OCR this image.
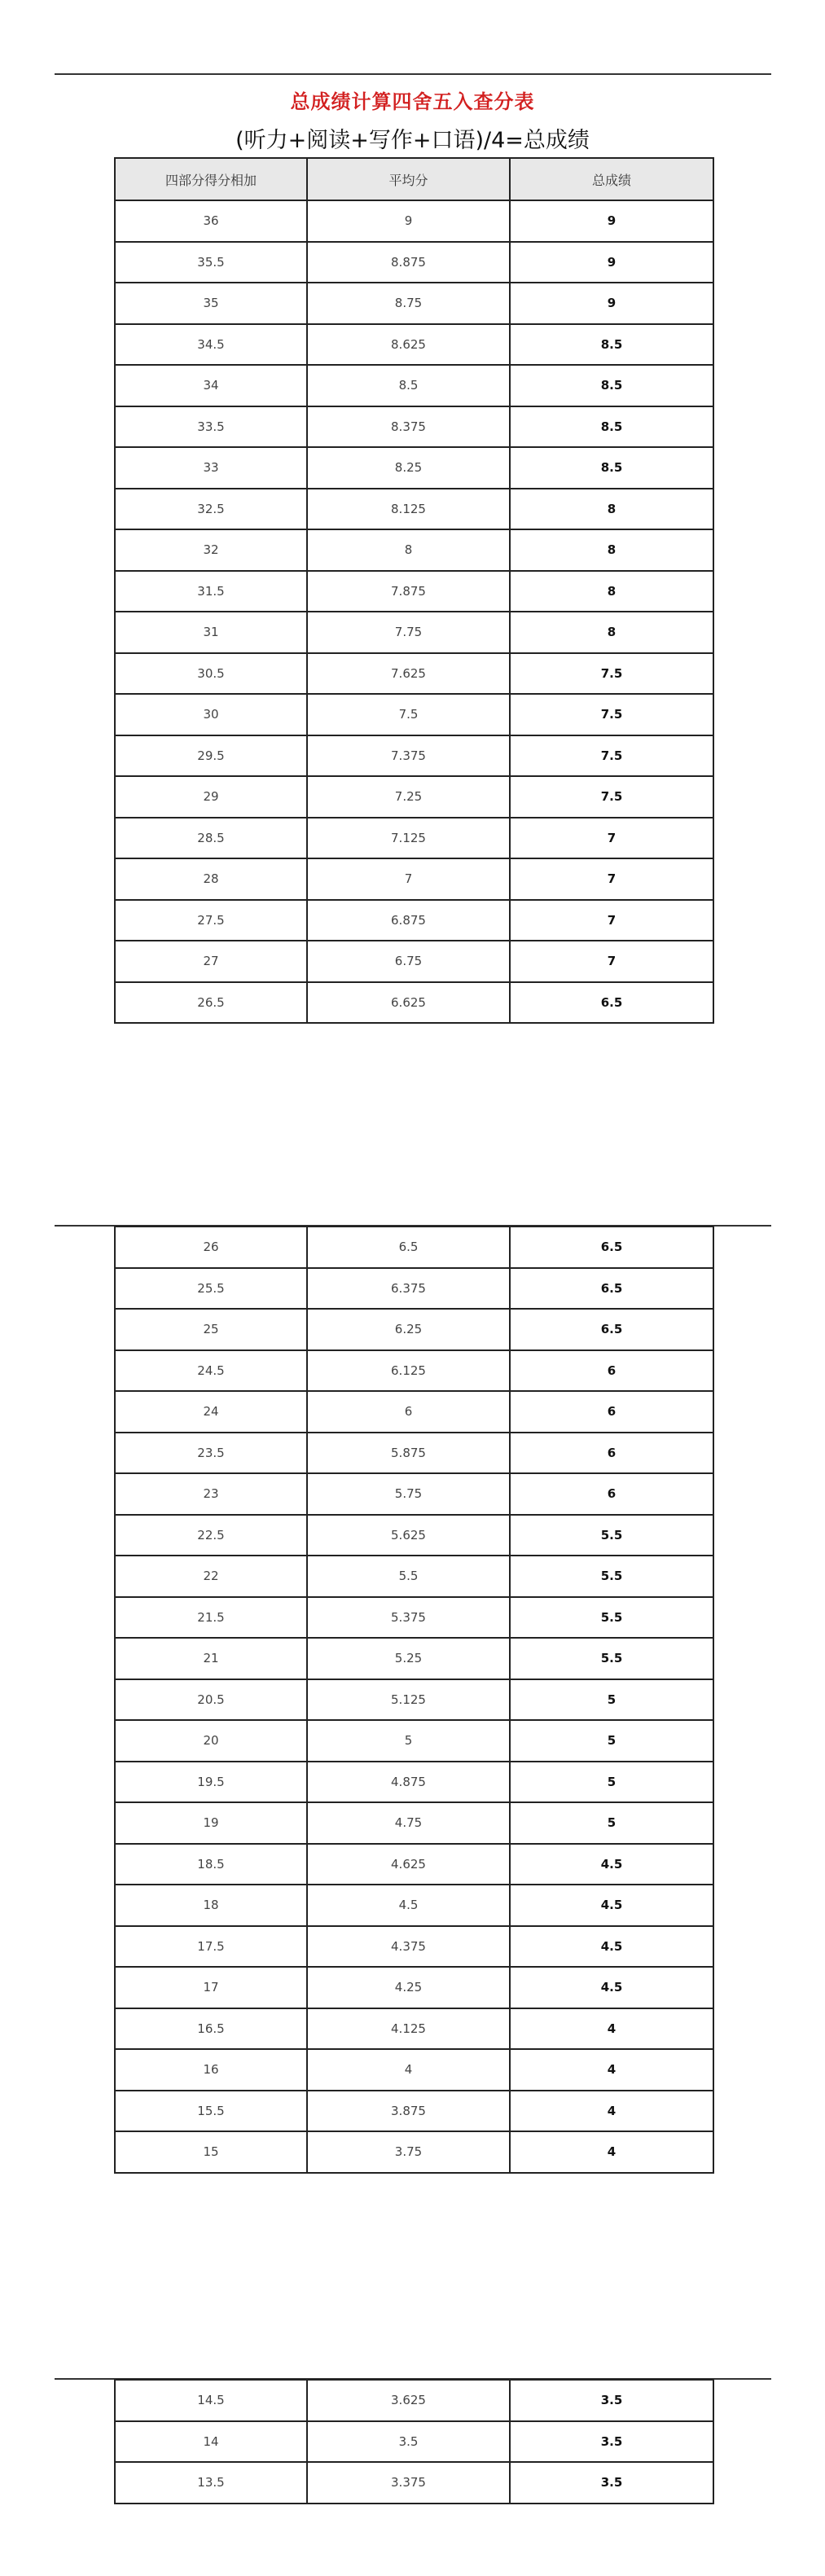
总成绩计算四舍五入查分表
(听力+阅读+写作+口语)/4=总成绩
四部分得分相加	平均分	总成绩
36	9	9
35.5	8.875	9
35	8.75	9
34.5	8.625	8.5
34	8.5	8.5
33.5	8.375	8.5
33	8.25	8.5
32.5	8.125	8
32	8	8
31.5	7.875	8
31	7.75	8
30.5	7.625	7.5
30	7.5	7.5
29.5	7.375	7.5
29	7.25	7.5
28.5	7.125	7
28	7	7
27.5	6.875	7
27	6.75	7
26.5	6.625	6.5
26	6.5	6.5
25.5	6.375	6.5
25	6.25	6.5
24.5	6.125	6
24	6	6
23.5	5.875	6
23	5.75	6
22.5	5.625	5.5
22	5.5	5.5
21.5	5.375	5.5
21	5.25	5.5
20.5	5.125	5
20	5	5
19.5	4.875	5
19	4.75	5
18.5	4.625	4.5
18	4.5	4.5
17.5	4.375	4.5
17	4.25	4.5
16.5	4.125	4
16	4	4
15.5	3.875	4
15	3.75	4
14.5	3.625	3.5
14	3.5	3.5
13.5	3.375	3.5
